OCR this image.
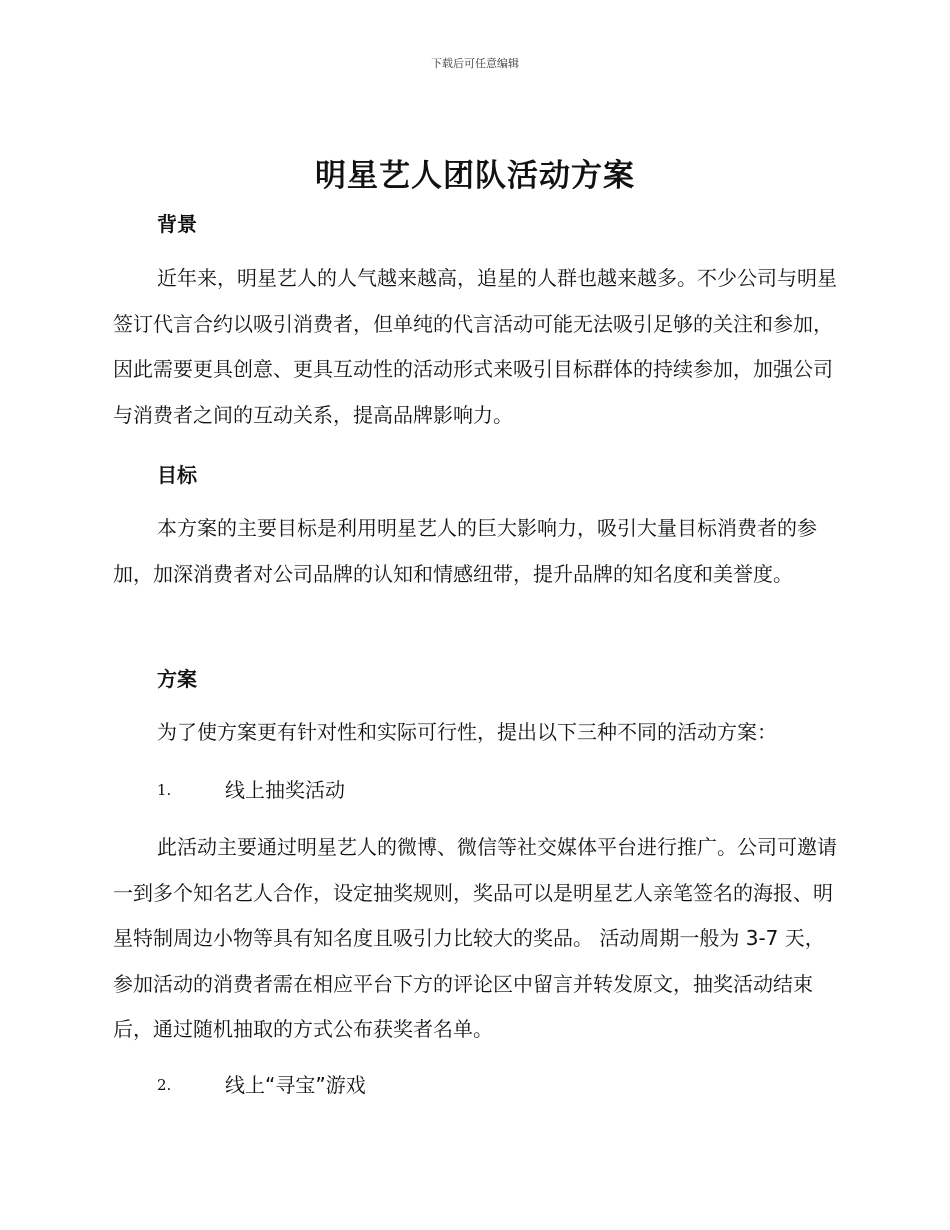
下载后可任意编辑
明星艺人团队活动方案
背景

近年来，明星艺人的人气越来越高，追星的人群也越来越多。不少公司与明星签订代言合约以吸引消费者，但单纯的代言活动可能无法吸引足够的关注和参加，因此需要更具创意、更具互动性的活动形式来吸引目标群体的持续参加，加强公司与消费者之间的互动关系，提高品牌影响力。

目标

本方案的主要目标是利用明星艺人的巨大影响力，吸引大量目标消费者的参加，加深消费者对公司品牌的认知和情感纽带，提升品牌的知名度和美誉度。

方案

为了使方案更有针对性和实际可行性，提出以下三种不同的活动方案：

1.	线上抽奖活动

此活动主要通过明星艺人的微博、微信等社交媒体平台进行推广。公司可邀请一到多个知名艺人合作，设定抽奖规则，奖品可以是明星艺人亲笔签名的海报、明星特制周边小物等具有知名度且吸引力比较大的奖品。 活动周期一般为 3-7 天，参加活动的消费者需在相应平台下方的评论区中留言并转发原文，抽奖活动结束后，通过随机抽取的方式公布获奖者名单。

2.	线上“寻宝”游戏
